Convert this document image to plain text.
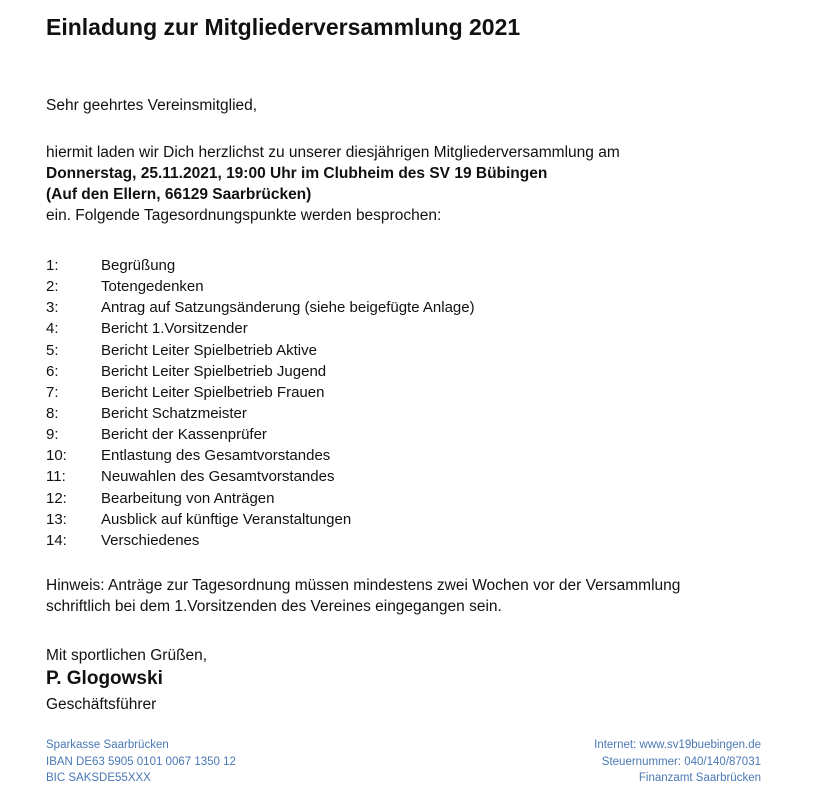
Einladung zur Mitgliederversammlung 2021
Sehr geehrtes Vereinsmitglied,
hiermit laden wir Dich herzlichst zu unserer diesjährigen Mitgliederversammlung am
Donnerstag, 25.11.2021, 19:00 Uhr im Clubheim des SV 19 Bübingen
(Auf den Ellern, 66129 Saarbrücken)
ein. Folgende Tagesordnungspunkte werden besprochen:
1:	Begrüßung
2:	Totengedenken
3:	Antrag auf Satzungsänderung (siehe beigefügte Anlage)
4:	Bericht 1.Vorsitzender
5:	Bericht Leiter Spielbetrieb Aktive
6:	Bericht Leiter Spielbetrieb Jugend
7:	Bericht Leiter Spielbetrieb Frauen
8:	Bericht Schatzmeister
9:	Bericht der Kassenprüfer
10:	Entlastung des Gesamtvorstandes
11:	Neuwahlen des Gesamtvorstandes
12:	Bearbeitung von Anträgen
13:	Ausblick auf künftige Veranstaltungen
14:	Verschiedenes
Hinweis: Anträge zur Tagesordnung müssen mindestens zwei Wochen vor der Versammlung
schriftlich bei dem 1.Vorsitzenden des Vereines eingegangen sein.
Mit sportlichen Grüßen,
P. Glogowski
Geschäftsführer
Sparkasse Saarbrücken
IBAN DE63 5905 0101 0067 1350 12
BIC SAKSDE55XXX
Internet: www.sv19buebingen.de
Steuernummer: 040/140/87031
Finanzamt Saarbrücken
